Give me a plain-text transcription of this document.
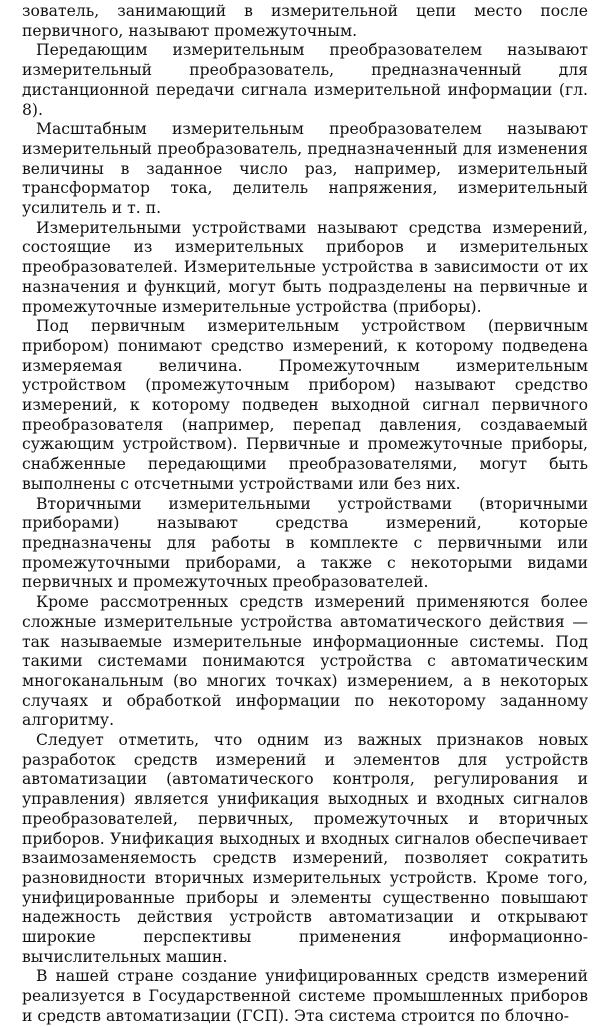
зователь, занимающий в измерительной цепи место после первичного, называют промежуточным.

Передающим измерительным преобразователем называют измерительный преобразователь, предназначенный для дистанционной передачи сигнала измерительной информации (гл. 8).

Масштабным измерительным преобразователем называют измерительный преобразователь, предназначенный для изменения величины в заданное число раз, например, измерительный трансформатор тока, делитель напряжения, измерительный усилитель и т. п.

Измерительными устройствами называют средства измерений, состоящие из измерительных приборов и измерительных преобразователей. Измерительные устройства в зависимости от их назначения и функций, могут быть подразделены на первичные и промежуточные измерительные устройства (приборы).

Под первичным измерительным устройством (первичным прибором) понимают средство измерений, к которому подведена измеряемая величина. Промежуточным измерительным устройством (промежуточным прибором) называют средство измерений, к которому подведен выходной сигнал первичного преобразователя (например, перепад давления, создаваемый сужающим устройством). Первичные и промежуточные приборы, снабженные передающими преобразователями, могут быть выполнены с отсчетными устройствами или без них.

Вторичными измерительными устройствами (вторичными приборами) называют средства измерений, которые предназначены для работы в комплекте с первичными или промежуточными приборами, а также с некоторыми видами первичных и промежуточных преобразователей.

Кроме рассмотренных средств измерений применяются более сложные измерительные устройства автоматического действия — так называемые измерительные информационные системы. Под такими системами понимаются устройства с автоматическим многоканальным (во многих точках) измерением, а в некоторых случаях и обработкой информации по некоторому заданному алгоритму.

Следует отметить, что одним из важных признаков новых разработок средств измерений и элементов для устройств автоматизации (автоматического контроля, регулирования и управления) является унификация выходных и входных сигналов преобразователей, первичных, промежуточных и вторичных приборов. Унификация выходных и входных сигналов обеспечивает взаимозаменяемость средств измерений, позволяет сократить разновидности вторичных измерительных устройств. Кроме того, унифицированные приборы и элементы существенно повышают надежность действия устройств автоматизации и открывают широкие перспективы применения информационно-вычислительных машин.

В нашей стране создание унифицированных средств измерений реализуется в Государственной системе промышленных приборов и средств автоматизации (ГСП). Эта система строится по блочно-
